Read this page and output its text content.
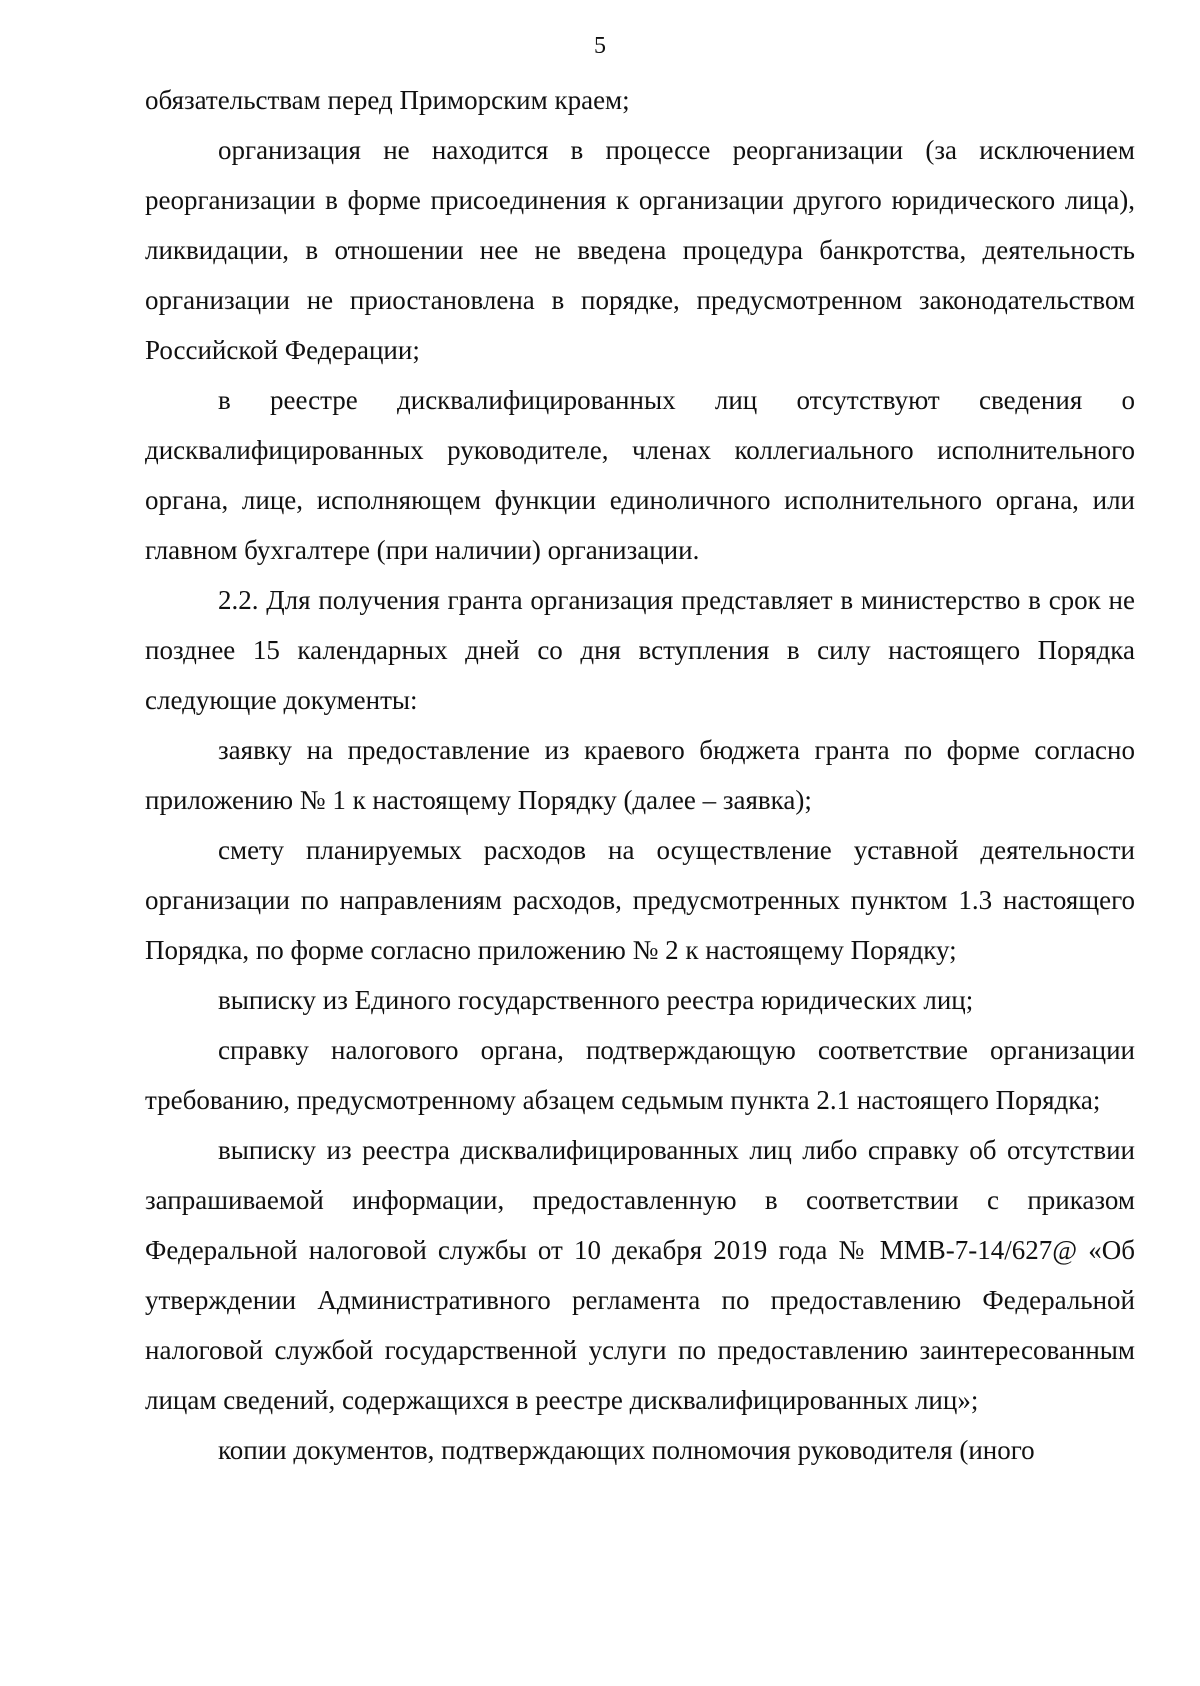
5

обязательствам перед Приморским краем;

организация не находится в процессе реорганизации (за исключением реорганизации в форме присоединения к организации другого юридического лица), ликвидации, в отношении нее не введена процедура банкротства, деятельность организации не приостановлена в порядке, предусмотренном законодательством Российской Федерации;

в реестре дисквалифицированных лиц отсутствуют сведения о дисквалифицированных руководителе, членах коллегиального исполнительного органа, лице, исполняющем функции единоличного исполнительного органа, или главном бухгалтере (при наличии) организации.

2.2. Для получения гранта организация представляет в министерство в срок не позднее 15 календарных дней со дня вступления в силу настоящего Порядка следующие документы:

заявку на предоставление из краевого бюджета гранта по форме согласно приложению № 1 к настоящему Порядку (далее – заявка);

смету планируемых расходов на осуществление уставной деятельности организации по направлениям расходов, предусмотренных пунктом 1.3 настоящего Порядка, по форме согласно приложению № 2 к настоящему Порядку;

выписку из Единого государственного реестра юридических лиц;

справку налогового органа, подтверждающую соответствие организации требованию, предусмотренному абзацем седьмым пункта 2.1 настоящего Порядка;

выписку из реестра дисквалифицированных лиц либо справку об отсутствии запрашиваемой информации, предоставленную в соответствии с приказом Федеральной налоговой службы от 10 декабря 2019 года № ММВ-7-14/627@ «Об утверждении Административного регламента по предоставлению Федеральной налоговой службой государственной услуги по предоставлению заинтересованным лицам сведений, содержащихся в реестре дисквалифицированных лиц»;

копии документов, подтверждающих полномочия руководителя (иного
